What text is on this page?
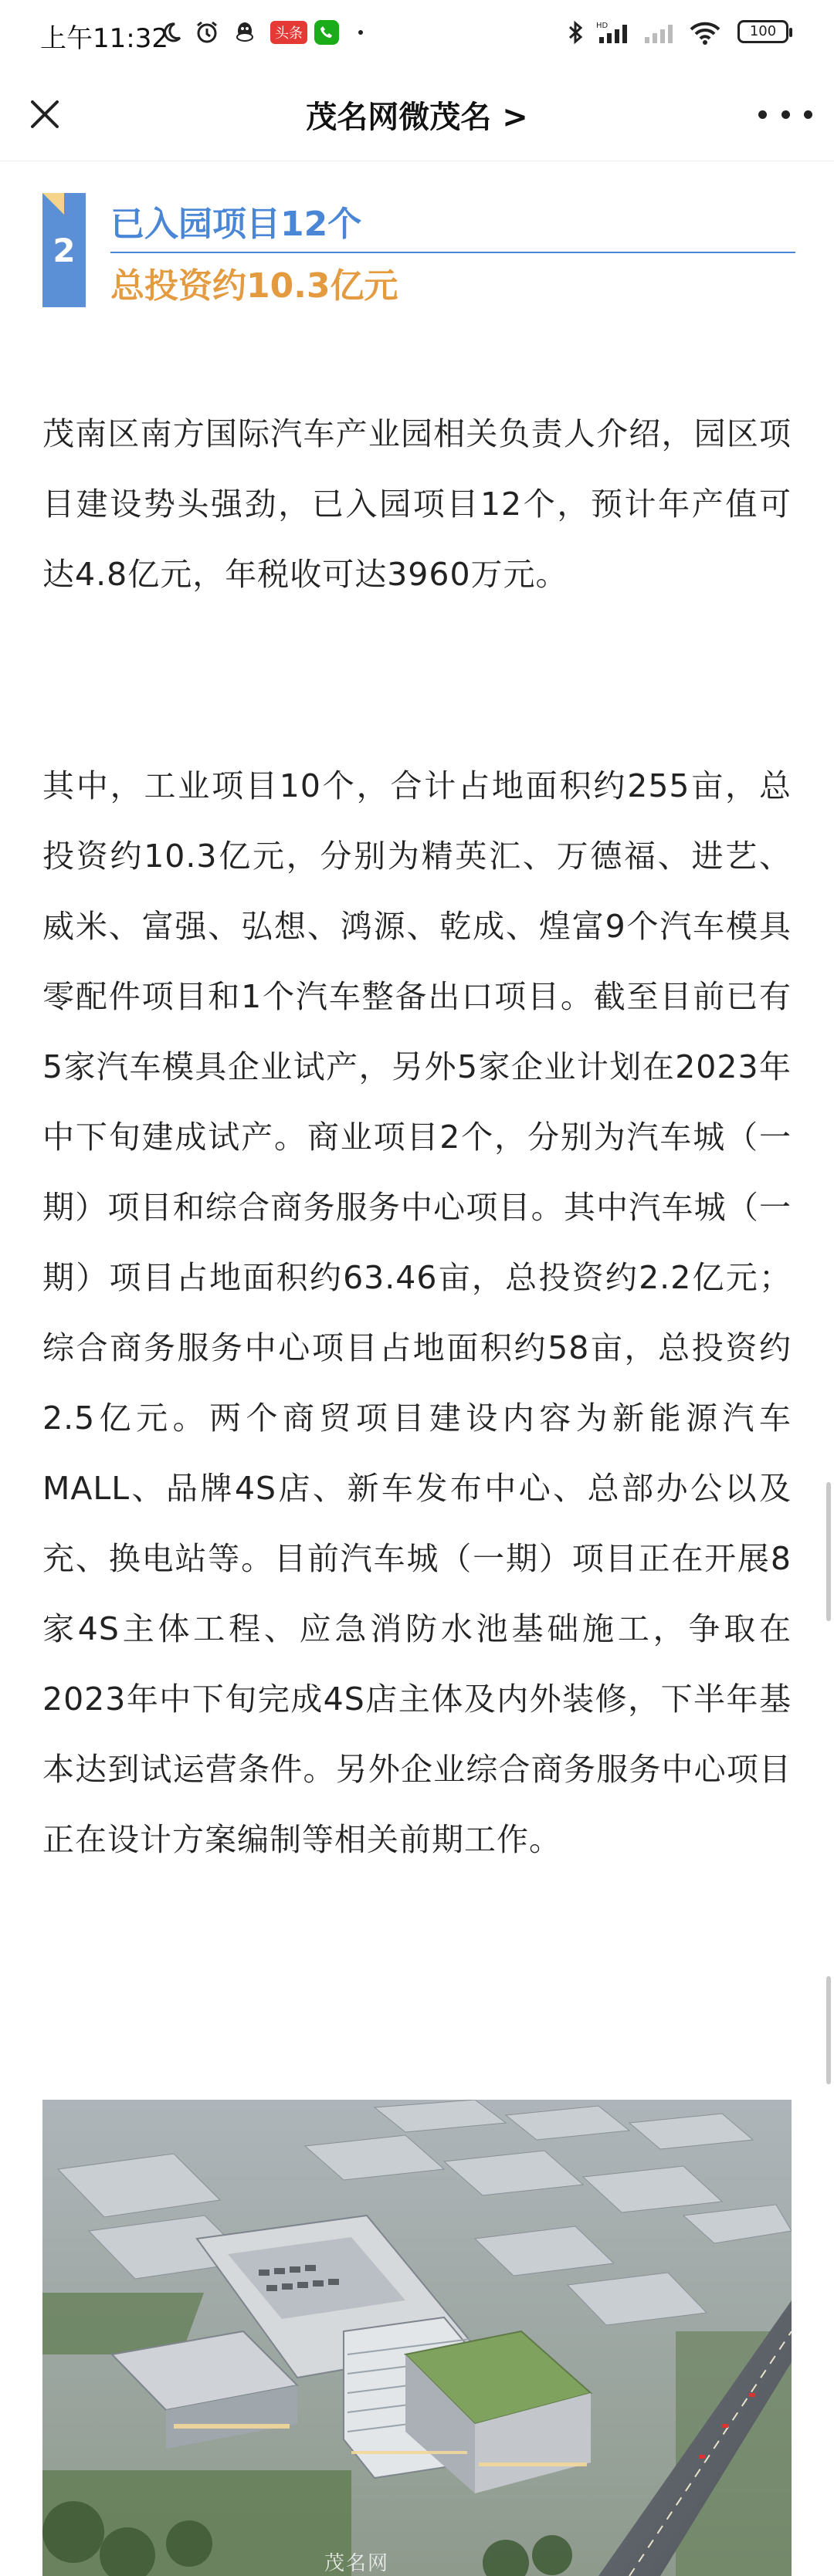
上午11:32	头条	HD	100
茂名网微茂名 >
2
已入园项目12个
总投资约10.3亿元

茂南区南方国际汽车产业园相关负责人介绍，园区项目建设势头强劲，已入园项目12个，预计年产值可达4.8亿元，年税收可达3960万元。

其中，工业项目10个，合计占地面积约255亩，总投资约10.3亿元，分别为精英汇、万德福、进艺、威米、富强、弘想、鸿源、乾成、煌富9个汽车模具零配件项目和1个汽车整备出口项目。截至目前已有5家汽车模具企业试产，另外5家企业计划在2023年中下旬建成试产。商业项目2个，分别为汽车城（一期）项目和综合商务服务中心项目。其中汽车城（一期）项目占地面积约63.46亩，总投资约2.2亿元；综合商务服务中心项目占地面积约58亩，总投资约2.5亿元。两个商贸项目建设内容为新能源汽车MALL、品牌4S店、新车发布中心、总部办公以及充、换电站等。目前汽车城（一期）项目正在开展8家4S主体工程、应急消防水池基础施工，争取在2023年中下旬完成4S店主体及内外装修，下半年基本达到试运营条件。另外企业综合商务服务中心项目正在设计方案编制等相关前期工作。

茂名网
